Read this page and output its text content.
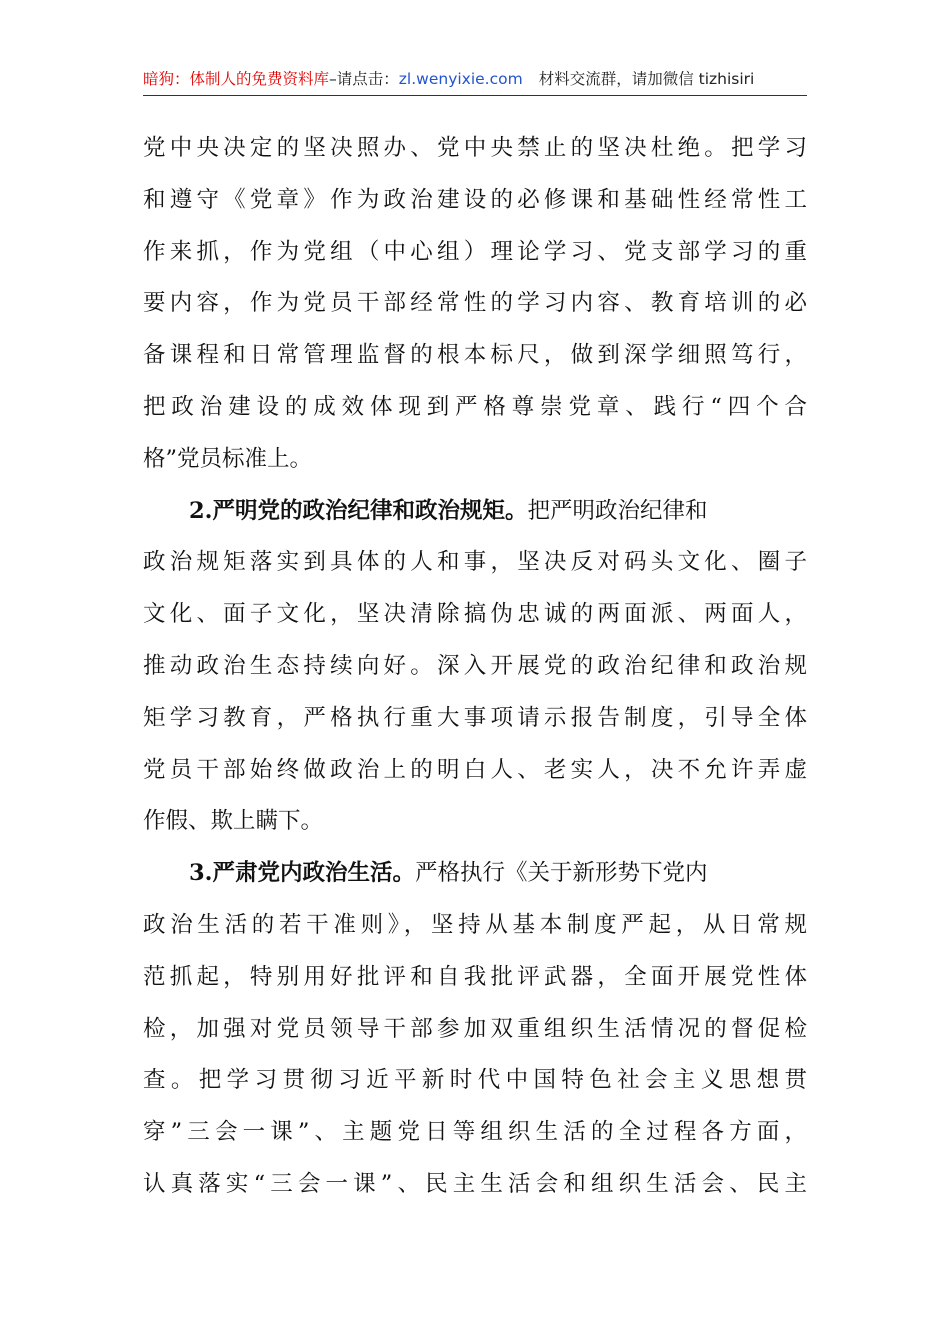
暗狗：体制人的免费资料库–请点击：zl.wenyixie.com 材料交流群，请加微信 tizhisiri
党中央决定的坚决照办、党中央禁止的坚决杜绝。把学习
和遵守《党章》作为政治建设的必修课和基础性经常性工
作来抓，作为党组（中心组）理论学习、党支部学习的重
要内容，作为党员干部经常性的学习内容、教育培训的必
备课程和日常管理监督的根本标尺，做到深学细照笃行，
把政治建设的成效体现到严格尊崇党章、践行“四个合
格”党员标准上。
2.严明党的政治纪律和政治规矩。把严明政治纪律和
政治规矩落实到具体的人和事，坚决反对码头文化、圈子
文化、面子文化，坚决清除搞伪忠诚的两面派、两面人，
推动政治生态持续向好。深入开展党的政治纪律和政治规
矩学习教育，严格执行重大事项请示报告制度，引导全体
党员干部始终做政治上的明白人、老实人，决不允许弄虚
作假、欺上瞒下。
3.严肃党内政治生活。严格执行《关于新形势下党内
政治生活的若干准则》，坚持从基本制度严起，从日常规
范抓起，特别用好批评和自我批评武器，全面开展党性体
检，加强对党员领导干部参加双重组织生活情况的督促检
查。把学习贯彻习近平新时代中国特色社会主义思想贯
穿”三会一课”、主题党日等组织生活的全过程各方面，
认真落实“三会一课”、民主生活会和组织生活会、民主
